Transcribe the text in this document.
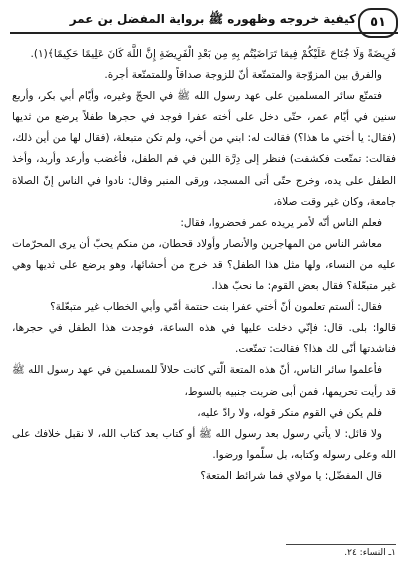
٥١
كيفية خروجه وظهوره ﷺ برواية المفضل بن عمر

فَرِيضَةً وَلَا جُنَاحَ عَلَيْكُمْ فِيمَا تَرَاضَيْتُم بِهِ مِن بَعْدِ الْفَرِيضَةِ إِنَّ اللَّهَ كَانَ عَلِيمًا حَكِيمًا﴾(١).

والفرق بين المزوّجة والمتمتّعة أنّ للزوجة صداقاً وللمتمتّعة أجرة.

فتمتّع سائر المسلمين على عهد رسول الله ﷺ في الحجّ وغيره، وأيّام أبي بكر، وأربع سنين في أيّام عمر، حتّى دخل على أخته عفرا فوجد في حجرها طفلاً يرضع من ثديها (فقال: يا أختي ما هذا؟) فقالت له: ابني من أخي، ولم تكن متبعلة، (فقال لها من أين ذلك، فقالت: تمتّعت فكشفت) فنظر إلى دِرَّة اللبن في فم الطفل، فأغضب وأرعد وأربد، وأخذ الطفل على يده، وخرج حتّى أتى المسجد، ورقى المنبر وقال: نادوا في الناس إنّ الصلاة جامعة، وكان غير وقت صلاة،

فعلم الناس أنّه لأمر يريده عمر فحضروا، فقال:

معاشر الناس من المهاجرين والأنصار وأولاد قحطان، من منكم يحبّ أن يرى المحرّمات عليه من النساء، ولها مثل هذا الطفل؟ قد خرج من أحشائها، وهو يرضع على ثديها وهي غير متبعّلة؟ فقال بعض القوم: ما نحبّ هذا.

فقال: ألستم تعلمون أنّ أختي عفرا بنت حنتمة أمّي وأبي الخطاب غير متبعّلة؟

قالوا: بلى. قال: فإنّي دخلت عليها في هذه الساعة، فوجدت هذا الطفل في حجرها، فناشدتها أنّى لك هذا؟ فقالت: تمتّعت.

فأعلموا سائر الناس، أنّ هذه المتعة الّتي كانت حلالاً للمسلمين في عهد رسول الله ﷺ قد رأيت تحريمها، فمن أبى ضربت جنبيه بالسوط،

فلم يكن في القوم منكر قوله، ولا رادّ عليه،

ولا قائل: لا يأتي رسول بعد رسول الله ﷺ أو كتاب بعد كتاب الله، لا نقبل خلافك على الله وعلى رسوله وكتابه، بل سلّموا ورضوا.

قال المفضّل: يا مولاي فما شرائط المتعة؟

١ـ النساء: ٢٤.
